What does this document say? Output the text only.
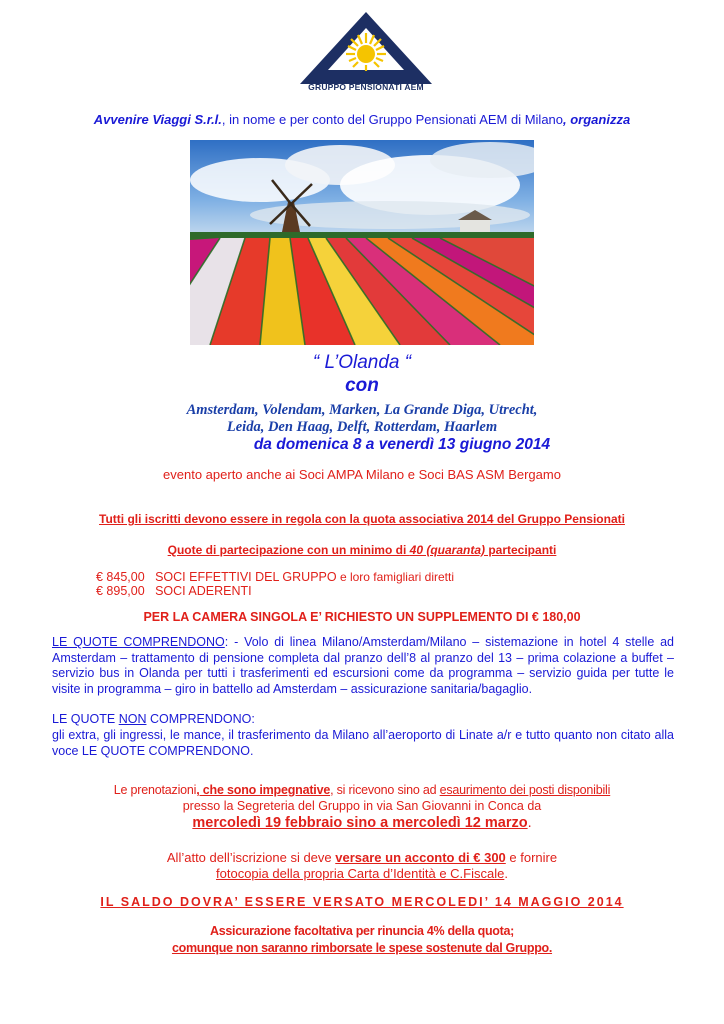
GRUPPO PENSIONATI AEM
Avvenire Viaggi S.r.l., in nome e per conto del Gruppo Pensionati AEM di Milano, organizza
“ L’Olanda “
con
Amsterdam, Volendam, Marken, La Grande Diga, Utrecht,
Leida, Den Haag, Delft, Rotterdam, Haarlem
da domenica 8 a venerdì 13 giugno 2014
evento aperto anche ai Soci AMPA Milano e Soci BAS ASM Bergamo
Tutti gli iscritti devono essere in regola con la quota associativa 2014 del Gruppo Pensionati
Quote di partecipazione con un minimo di 40 (quaranta) partecipanti
€ 845,00 SOCI EFFETTIVI DEL GRUPPO e loro famigliari diretti
€ 895,00 SOCI ADERENTI
PER LA CAMERA SINGOLA E’ RICHIESTO UN SUPPLEMENTO DI € 180,00
LE QUOTE COMPRENDONO: - Volo di linea Milano/Amsterdam/Milano – sistemazione in hotel 4 stelle ad Amsterdam – trattamento di pensione completa dal pranzo dell’8 al pranzo del 13 – prima colazione a buffet – servizio bus in Olanda per tutti i trasferimenti ed escursioni come da programma – servizio guida per tutte le visite in programma – giro in battello ad Amsterdam – assicurazione sanitaria/bagaglio.
LE QUOTE NON COMPRENDONO:
gli extra, gli ingressi, le mance, il trasferimento da Milano all’aeroporto di Linate a/r e tutto quanto non citato alla voce LE QUOTE COMPRENDONO.
Le prenotazioni, che sono impegnative, si ricevono sino ad esaurimento dei posti disponibili
presso la Segreteria del Gruppo in via San Giovanni in Conca da
mercoledì 19 febbraio sino a mercoledì 12 marzo.
All’atto dell’iscrizione si deve versare un acconto di € 300 e fornire
fotocopia della propria Carta d’Identità e C.Fiscale.
IL SALDO DOVRA’ ESSERE VERSATO MERCOLEDI’ 14 MAGGIO 2014
Assicurazione facoltativa per rinuncia 4% della quota;
comunque non saranno rimborsate le spese sostenute dal Gruppo.
